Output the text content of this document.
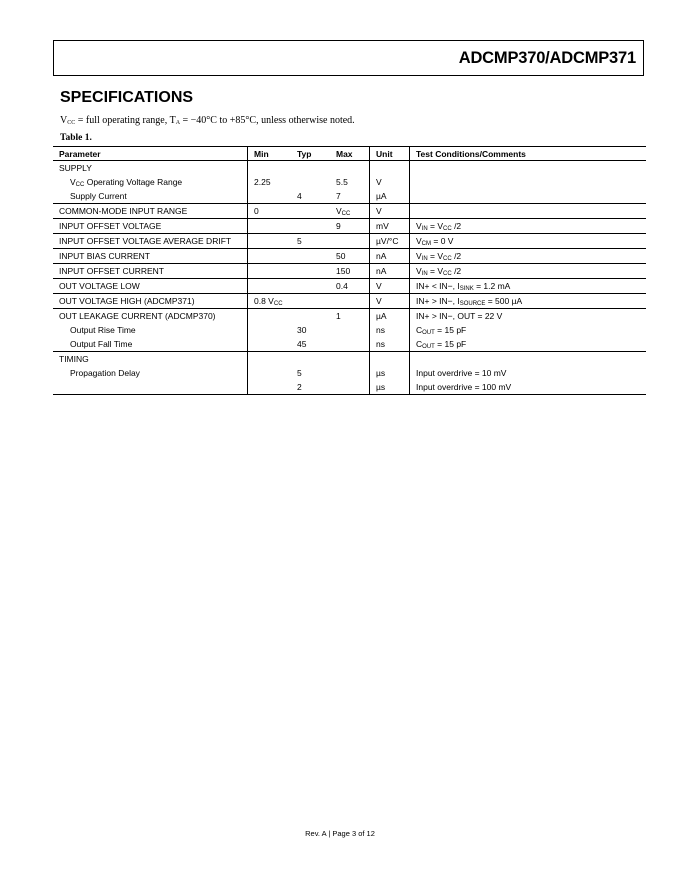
ADCMP370/ADCMP371
SPECIFICATIONS
$V_{CC}$ = full operating range, $T_A = -40^\circ C$ to +85°C, unless otherwise noted.
Table 1.
Parameter	Min	Typ	Max	Unit	Test Conditions/Comments
SUPPLY					
$V_{CC}$ Operating Voltage Range	2.25		5.5	V	
Supply Current		4	7	µA	
COMMON-MODE INPUT RANGE	0		$V_{CC}$	V	
INPUT OFFSET VOLTAGE			9	mV	$V_{IN} = V_{CC}$ /2
INPUT OFFSET VOLTAGE AVERAGE DRIFT		5		µV/°C	$V_{CM} = 0$ V
INPUT BIAS CURRENT			50	nA	$V_{IN} = V_{CC}$ /2
INPUT OFFSET CURRENT			150	nA	$V_{IN} = V_{CC}$ /2
OUT VOLTAGE LOW			0.4	V	IN+ < IN−, $I_{SINK} = 1.2$ mA
OUT VOLTAGE HIGH (ADCMP371)	0.8 $V_{CC}$			V	IN+ > IN−, $I_{SOURCE} = 500$ µA
OUT LEAKAGE CURRENT (ADCMP370)			1	µA	IN+ > IN−, OUT = 22 V
Output Rise Time		30		ns	$C_{OUT} = 15$ pF
Output Fall Time		45		ns	$C_{OUT} = 15$ pF
TIMING					
Propagation Delay		5		µs	Input overdrive = 10 mV
		2		µs	Input overdrive = 100 mV
Rev. A | Page 3 of 12
